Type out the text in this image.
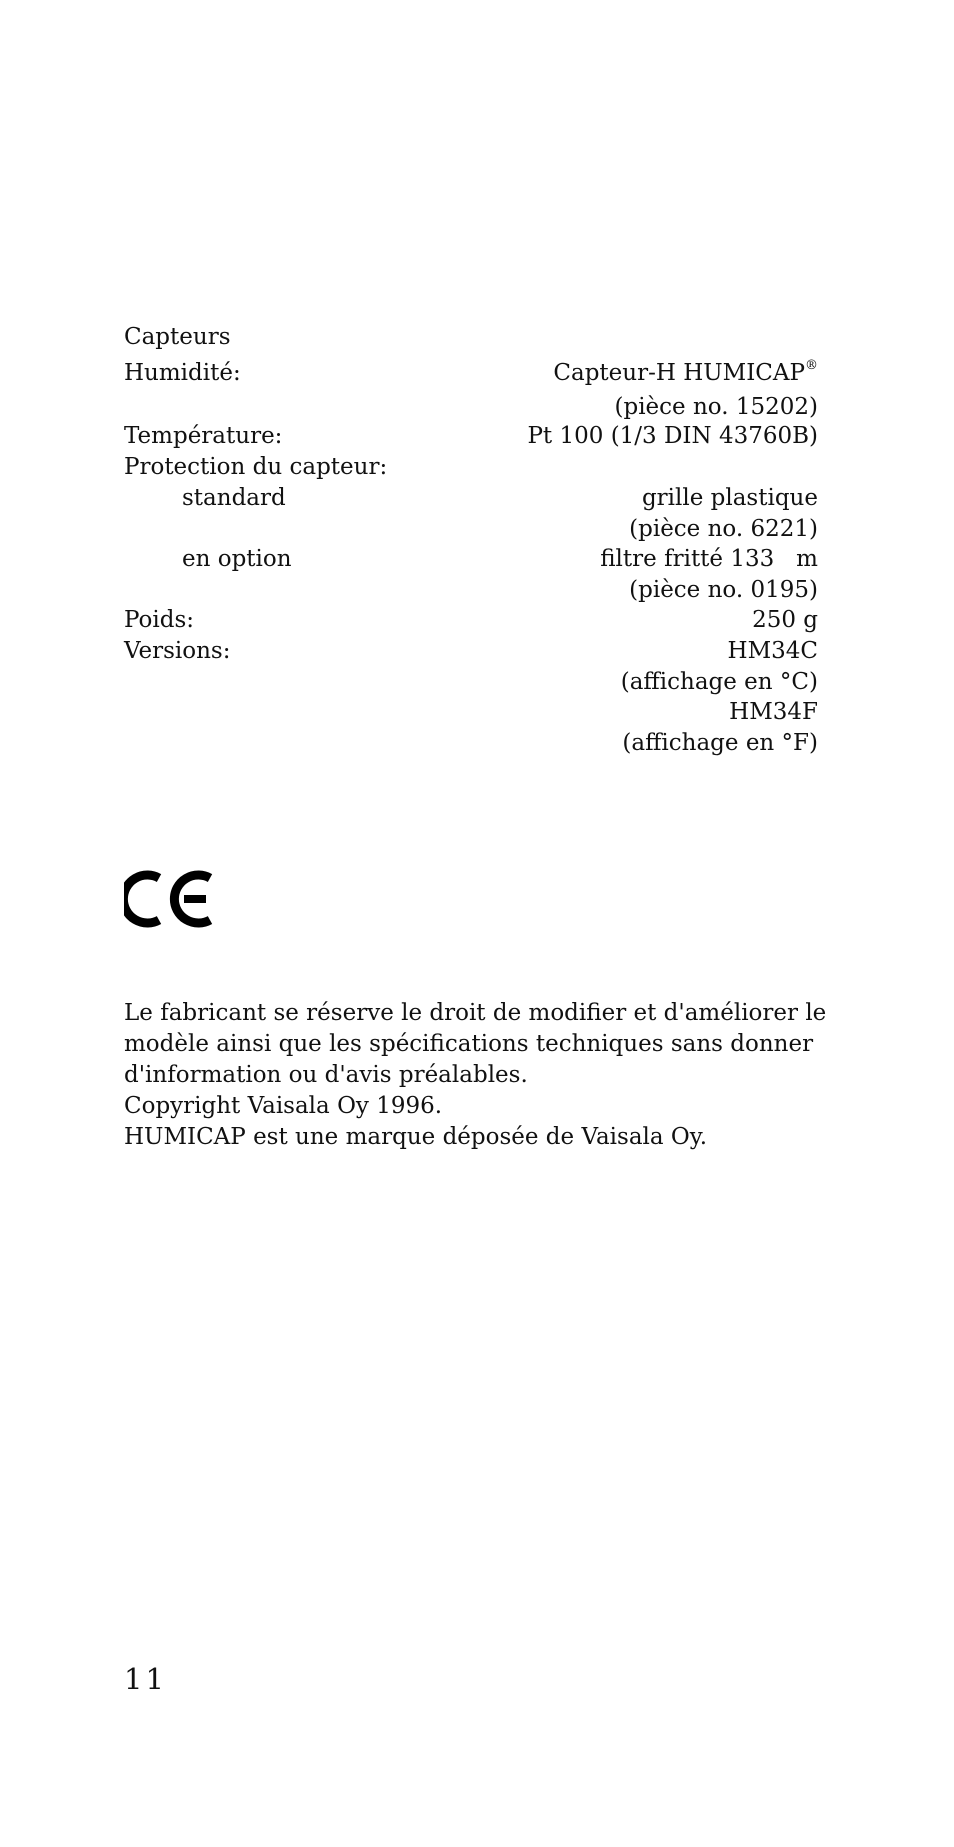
Capteurs
Humidité:	Capteur-H HUMICAP®
(pièce no. 15202)
Température:	Pt 100 (1/3 DIN 43760B)
Protection du capteur:
standard	grille plastique
(pièce no. 6221)
en option	filtre fritté 133   m
(pièce no. 0195)
Poids:	250 g
Versions:	HM34C
(affichage en °C)
HM34F
(affichage en °F)
Le fabricant se réserve le droit de modifier et d'améliorer le
modèle ainsi que les spécifications techniques sans donner
d'information ou d'avis préalables.
Copyright Vaisala Oy 1996.
HUMICAP est une marque déposée de Vaisala Oy.
11
